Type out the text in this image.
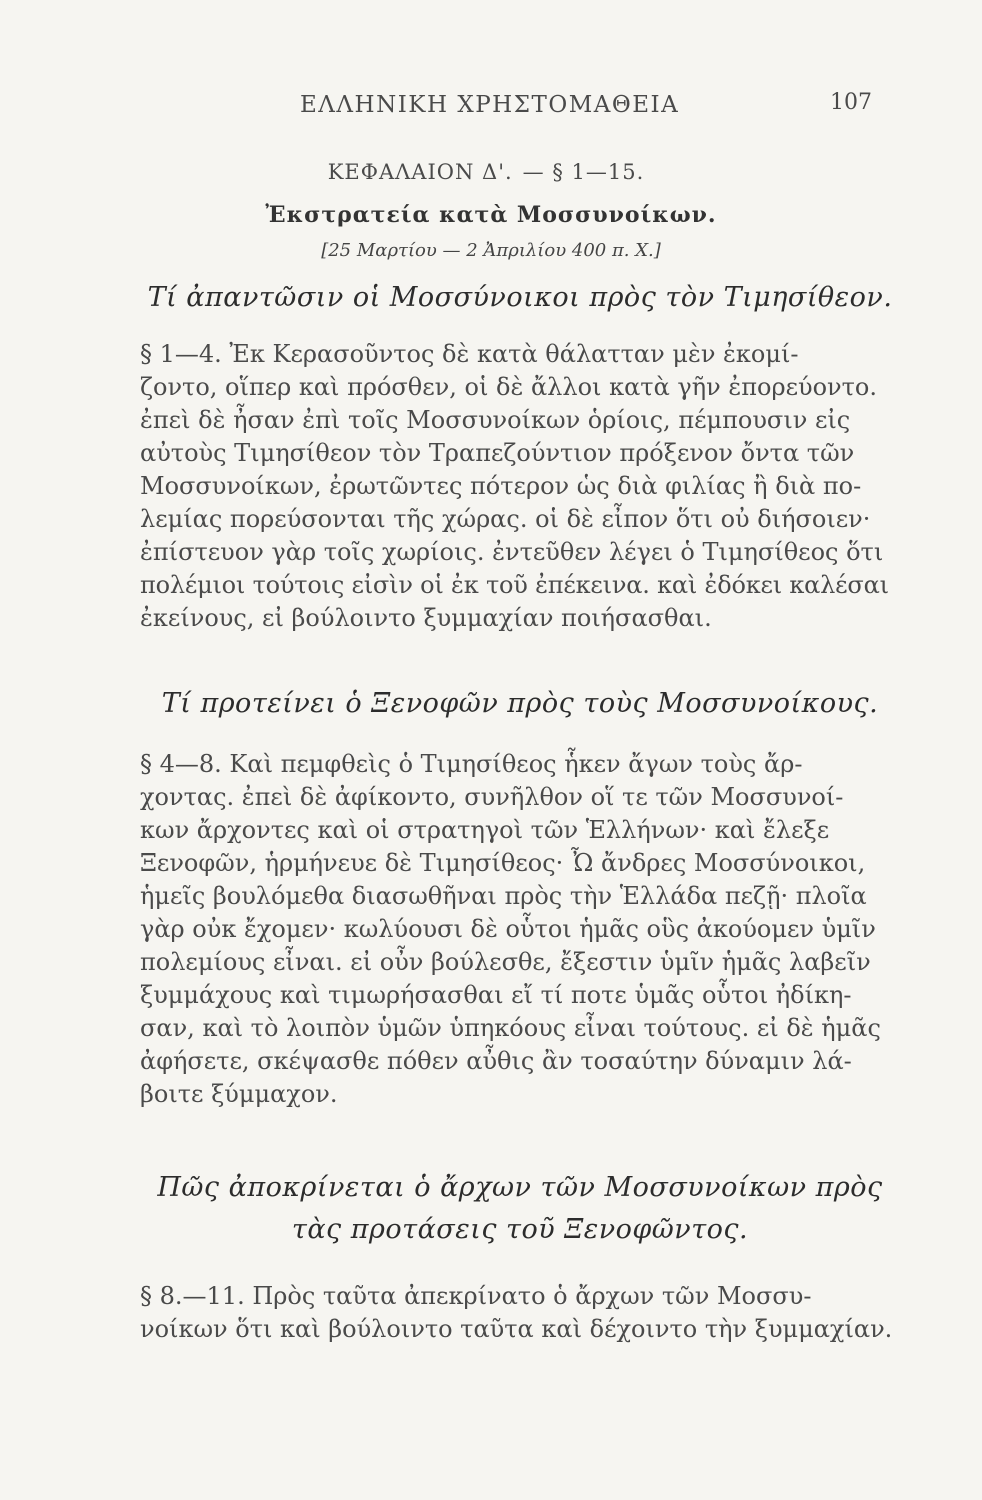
ΕΛΛΗΝΙΚΗ ΧΡΗΣΤΟΜΑΘΕΙΑ	107
ΚΕΦΑΛΑΙΟΝ Δ'. — § 1—15.
Ἐκστρατεία κατὰ Μοσσυνοίκων.
[25 Μαρτίου — 2 Ἀπριλίου 400 π. Χ.]
Τί ἀπαντῶσιν οἱ Μοσσύνοικοι πρὸς τὸν Τιμησίθεον.
§ 1—4. Ἐκ Κερασοῦντος δὲ κατὰ θάλατταν μὲν ἐκομί-
ζοντο, οἵπερ καὶ πρόσθεν, οἱ δὲ ἄλλοι κατὰ γῆν ἐπορεύοντο.
ἐπεὶ δὲ ἦσαν ἐπὶ τοῖς Μοσσυνοίκων ὁρίοις, πέμπουσιν εἰς
αὐτοὺς Τιμησίθεον τὸν Τραπεζούντιον πρόξενον ὄντα τῶν
Μοσσυνοίκων, ἐρωτῶντες πότερον ὡς διὰ φιλίας ἢ διὰ πο-
λεμίας πορεύσονται τῆς χώρας. οἱ δὲ εἶπον ὅτι οὐ διήσοιεν·
ἐπίστευον γὰρ τοῖς χωρίοις. ἐντεῦθεν λέγει ὁ Τιμησίθεος ὅτι
πολέμιοι τούτοις εἰσὶν οἱ ἐκ τοῦ ἐπέκεινα. καὶ ἐδόκει καλέσαι
ἐκείνους, εἰ βούλοιντο ξυμμαχίαν ποιήσασθαι.
Τί προτείνει ὁ Ξενοφῶν πρὸς τοὺς Μοσσυνοίκους.
§ 4—8. Καὶ πεμφθεὶς ὁ Τιμησίθεος ἧκεν ἄγων τοὺς ἄρ-
χοντας. ἐπεὶ δὲ ἀφίκοντο, συνῆλθον οἵ τε τῶν Μοσσυνοί-
κων ἄρχοντες καὶ οἱ στρατηγοὶ τῶν Ἑλλήνων· καὶ ἔλεξε
Ξενοφῶν, ἡρμήνευε δὲ Τιμησίθεος· Ὦ ἄνδρες Μοσσύνοικοι,
ἡμεῖς βουλόμεθα διασωθῆναι πρὸς τὴν Ἑλλάδα πεζῇ· πλοῖα
γὰρ οὐκ ἔχομεν· κωλύουσι δὲ οὗτοι ἡμᾶς οὓς ἀκούομεν ὑμῖν
πολεμίους εἶναι. εἰ οὖν βούλεσθε, ἔξεστιν ὑμῖν ἡμᾶς λαβεῖν
ξυμμάχους καὶ τιμωρήσασθαι εἴ τί ποτε ὑμᾶς οὗτοι ἠδίκη-
σαν, καὶ τὸ λοιπὸν ὑμῶν ὑπηκόους εἶναι τούτους. εἰ δὲ ἡμᾶς
ἀφήσετε, σκέψασθε πόθεν αὖθις ἂν τοσαύτην δύναμιν λά-
βοιτε ξύμμαχον.
Πῶς ἀποκρίνεται ὁ ἄρχων τῶν Μοσσυνοίκων πρὸς
τὰς προτάσεις τοῦ Ξενοφῶντος.
§ 8.—11. Πρὸς ταῦτα ἀπεκρίνατο ὁ ἄρχων τῶν Μοσσυ-
νοίκων ὅτι καὶ βούλοιντο ταῦτα καὶ δέχοιντο τὴν ξυμμαχίαν.
